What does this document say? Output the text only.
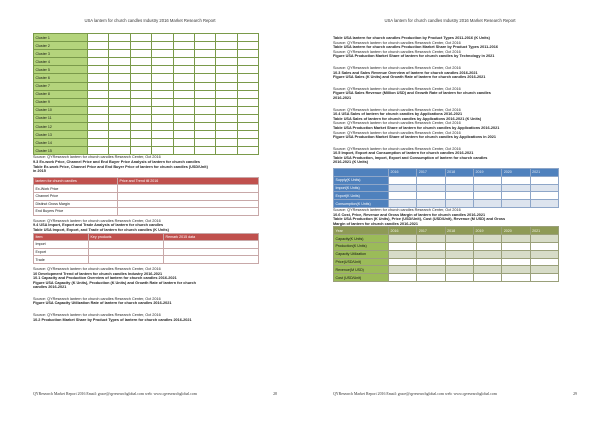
USA lantern for church candles Industry 2016 Market Research Report
Cluster 1								
Cluster 2								
Cluster 3								
Cluster 4								
Cluster 5								
Cluster 6								
Cluster 7								
Cluster 8								
Cluster 9								
Cluster 10								
Cluster 11								
Cluster 12								
Cluster 13								
Cluster 14								
Cluster 15								
Source: QYResearch lantern for church candles Research Center, Oct 2016
9.3 Ex-work Price, Channel Price and End Buyer Price Analysis of lantern for church candles
Table Ex-work Price, Channel Price and End Buyer Price of lantern for church candles (USD/Unit)
in 2015
lantern for church candles	Price and Trend till 2016
Ex-Work Price	
Channel Price	
Distinct Gross Margin	
End Buyers Price	
Source: QYResearch lantern for church candles Research Center, Oct 2016
9.4 USA Import, Export and Trade Analysis of lantern for church candles
Table USA Import, Export, and Trade of lantern for church candles (K Units)
Item	Key products	Remark 2015 data
Import		
Export		
Trade		
Source: QYResearch lantern for church candles Research Center, Oct 2016
10 Development Trend of lantern for church candles Industry 2016-2021
10.1 Capacity and Production Overview of lantern for church candles 2016-2021
Figure USA Capacity (K Units), Production (K Units) and Growth Rate of lantern for church
candles 2016-2021
Source: QYResearch lantern for church candles Research Center, Oct 2016
Figure USA Capacity Utilization Rate of lantern for church candles 2016-2021
Source: QYResearch lantern for church candles Research Center, Oct 2016
10.2 Production Market Share by Product Types of lantern for church candles 2016-2021
QYResearch Market Report 2016 Email: grace@qyresearchglobal.com web: www.qyresearchglobal.com	28
USA lantern for church candles Industry 2016 Market Research Report
Table USA lantern for church candles Production by Product Types 2011-2016 (K Units)
Source: QYResearch lantern for church candles Research Center, Oct 2016
Table USA lantern for church candles Production Market Share by Product Types 2011-2016
Source: QYResearch lantern for church candles Research Center, Oct 2016
Figure USA Production Market Share of lantern for church candles by Technology in 2021
Source: QYResearch lantern for church candles Research Center, Oct 2016
10.3 Sales and Sales Revenue Overview of lantern for church candles 2016-2021
Figure USA Sales (K Units) and Growth Rate of lantern for church candles 2016-2021
Source: QYResearch lantern for church candles Research Center, Oct 2016
Figure USA Sales Revenue (Million USD) and Growth Rate of lantern for church candles
2016-2021
Source: QYResearch lantern for church candles Research Center, Oct 2016
10.4 USA Sales of lantern for church candles by Applications 2016-2021
Table USA Sales of lantern for church candles by Applications 2016-2021 (K Units)
Source: QYResearch lantern for church candles Research Center, Oct 2016
Table USA Production Market Share of lantern for church candles by Applications 2016-2021
Source: QYResearch lantern for church candles Research Center, Oct 2016
Figure USA Production Market Share of lantern for church candles by Applications in 2021
Source: QYResearch lantern for church candles Research Center, Oct 2016
10.5 Import, Export and Consumption of lantern for church candles 2016-2021
Table USA Production, Import, Export and Consumption of lantern for church candles
2016-2021 (K Units)
	2016	2017	2018	2019	2020	2021
Supply(K Units)						
Import(K Units)						
Export(K Units)						
Consumption(K Units)						
Source: QYResearch lantern for church candles Research Center, Oct 2016
10.6 Cost, Price, Revenue and Gross Margin of lantern for church candles 2016-2021
Table USA Production (K Units), Price (USD/Unit), Cost (USD/Unit), Revenue (M USD) and Gross
Margin of lantern for church candles 2016-2021
Year	2016	2017	2018	2019	2020	2021
Capacity(K Units)						
Production(K Units)						
Capacity Utilization						
Price(USD/Unit)						
Revenue(M USD)						
Cost (USD/Unit)						
QYResearch Market Report 2016 Email: grace@qyresearchglobal.com web: www.qyresearchglobal.com	29
